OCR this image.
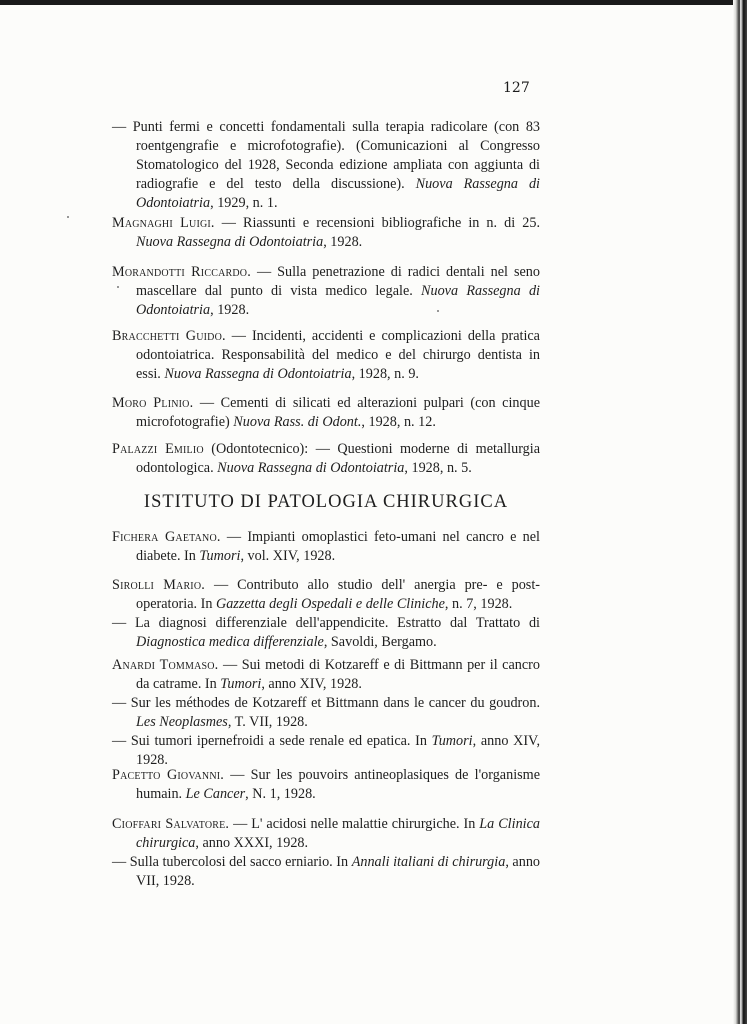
127

— Punti fermi e concetti fondamentali sulla terapia radicolare (con 83 roentgengrafie e microfotografie). (Comunicazioni al Congresso Stomatologico del 1928, Seconda edizione ampliata con aggiunta di radiografie e del testo della discussione). Nuova Rassegna di Odontoiatria, 1929, n. 1.

Magnaghi Luigi. — Riassunti e recensioni bibliografiche in n. di 25. Nuova Rassegna di Odontoiatria, 1928.

Morandotti Riccardo. — Sulla penetrazione di radici dentali nel seno mascellare dal punto di vista medico legale. Nuova Rassegna di Odontoiatria, 1928.

Bracchetti Guido. — Incidenti, accidenti e complicazioni della pratica odontoiatrica. Responsabilità del medico e del chirurgo dentista in essi. Nuova Rassegna di Odontoiatria, 1928, n. 9.

Moro Plinio. — Cementi di silicati ed alterazioni pulpari (con cinque microfotografie) Nuova Rass. di Odont., 1928, n. 12.

Palazzi Emilio (Odontotecnico): — Questioni moderne di metallurgia odontologica. Nuova Rassegna di Odontoiatria, 1928, n. 5.

ISTITUTO DI PATOLOGIA CHIRURGICA

Fichera Gaetano. — Impianti omoplastici feto-umani nel cancro e nel diabete. In Tumori, vol. XIV, 1928.

Sirolli Mario. — Contributo allo studio dell' anergia pre- e post-operatoria. In Gazzetta degli Ospedali e delle Cliniche, n. 7, 1928.

— La diagnosi differenziale dell'appendicite. Estratto dal Trattato di Diagnostica medica differenziale, Savoldi, Bergamo.

Anardi Tommaso. — Sui metodi di Kotzareff e di Bittmann per il cancro da catrame. In Tumori, anno XIV, 1928.

— Sur les méthodes de Kotzareff et Bittmann dans le cancer du goudron. Les Neoplasmes, T. VII, 1928.

— Sui tumori ipernefroidi a sede renale ed epatica. In Tumori, anno XIV, 1928.

Pacetto Giovanni. — Sur les pouvoirs antineoplasiques de l'organisme humain. Le Cancer, N. 1, 1928.

Cioffari Salvatore. — L' acidosi nelle malattie chirurgiche. In La Clinica chirurgica, anno XXXI, 1928.

— Sulla tubercolosi del sacco erniario. In Annali italiani di chirurgia, anno VII, 1928.
